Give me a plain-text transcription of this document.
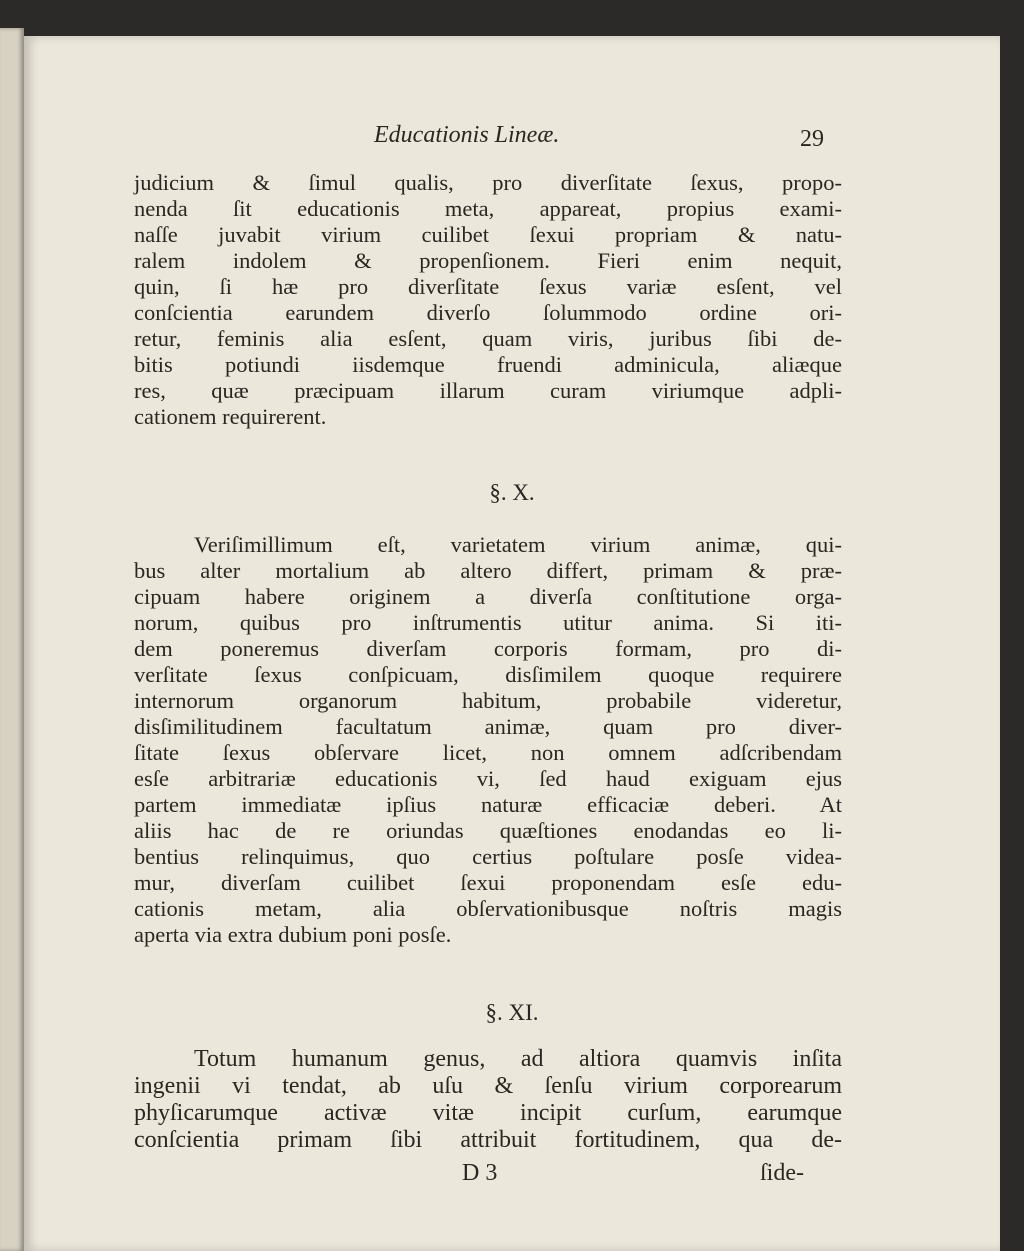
Educationis Lineæ.	29
judicium & ſimul qualis, pro diverſitate ſexus, propo-
nenda ſit educationis meta, appareat, propius exami-
naſſe juvabit virium cuilibet ſexui propriam & natu-
ralem indolem & propenſionem. Fieri enim nequit,
quin, ſi hæ pro diverſitate ſexus variæ esſent, vel
conſcientia earundem diverſo ſolummodo ordine ori-
retur, feminis alia esſent, quam viris, juribus ſibi de-
bitis potiundi iisdemque fruendi adminicula, aliæque
res, quæ præcipuam illarum curam viriumque adpli-
cationem requirerent.
§. X.
Veriſimillimum eſt, varietatem virium animæ, qui-
bus alter mortalium ab altero differt, primam & præ-
cipuam habere originem a diverſa conſtitutione orga-
norum, quibus pro inſtrumentis utitur anima. Si iti-
dem poneremus diverſam corporis formam, pro di-
verſitate ſexus conſpicuam, disſimilem quoque requirere
internorum organorum habitum, probabile videretur,
disſimilitudinem facultatum animæ, quam pro diver-
ſitate ſexus obſervare licet, non omnem adſcribendam
esſe arbitrariæ educationis vi, ſed haud exiguam ejus
partem immediatæ ipſius naturæ efficaciæ deberi. At
aliis hac de re oriundas quæſtiones enodandas eo li-
bentius relinquimus, quo certius poſtulare posſe videa-
mur, diverſam cuilibet ſexui proponendam esſe edu-
cationis metam, alia obſervationibusque noſtris magis
aperta via extra dubium poni posſe.
§. XI.
Totum humanum genus, ad altiora quamvis inſita
ingenii vi tendat, ab uſu & ſenſu virium corporearum
phyſicarumque activæ vitæ incipit curſum, earumque
conſcientia primam ſibi attribuit fortitudinem, qua de-
D 3	ſide-
